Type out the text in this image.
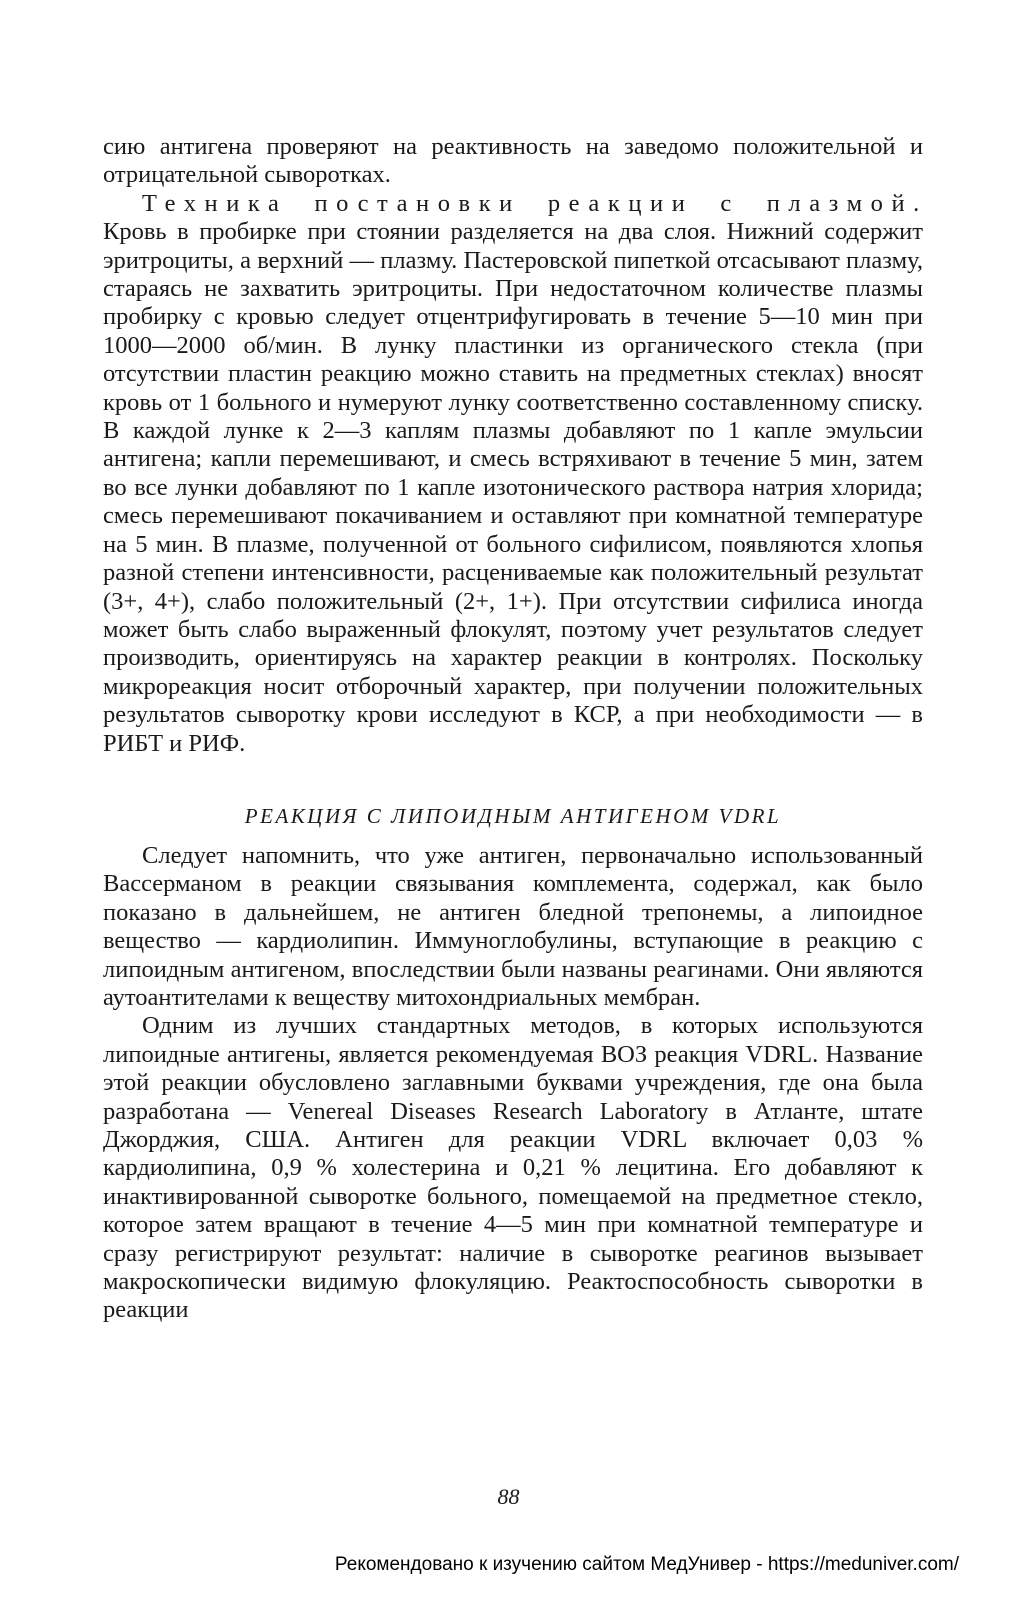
сию антигена проверяют на реактивность на заведомо положительной и отрицательной сыворотках.

Техника постановки реакции с плазмой. Кровь в пробирке при стоянии разделяется на два слоя. Нижний содержит эритроциты, а верхний — плазму. Пастеровской пипеткой отсасывают плазму, стараясь не захватить эритроциты. При недостаточном количестве плазмы пробирку с кровью следует отцентрифугировать в течение 5—10 мин при 1000—2000 об/мин. В лунку пластинки из органического стекла (при отсутствии пластин реакцию можно ставить на предметных стеклах) вносят кровь от 1 больного и нумеруют лунку соответственно составленному списку. В каждой лунке к 2—3 каплям плазмы добавляют по 1 капле эмульсии антигена; капли перемешивают, и смесь встряхивают в течение 5 мин, затем во все лунки добавляют по 1 капле изотонического раствора натрия хлорида; смесь перемешивают покачиванием и оставляют при комнатной температуре на 5 мин. В плазме, полученной от больного сифилисом, появляются хлопья разной степени интенсивности, расцениваемые как положительный результат (3+, 4+), слабо положительный (2+, 1+). При отсутствии сифилиса иногда может быть слабо выраженный флокулят, поэтому учет результатов следует производить, ориентируясь на характер реакции в контролях. Поскольку микрореакция носит отборочный характер, при получении положительных результатов сыворотку крови исследуют в КСР, а при необходимости — в РИБТ и РИФ.

РЕАКЦИЯ С ЛИПОИДНЫМ АНТИГЕНОМ VDRL

Следует напомнить, что уже антиген, первоначально использованный Вассерманом в реакции связывания комплемента, содержал, как было показано в дальнейшем, не антиген бледной трепонемы, а липоидное вещество — кардиолипин. Иммуноглобулины, вступающие в реакцию с липоидным антигеном, впоследствии были названы реагинами. Они являются аутоантителами к веществу митохондриальных мембран.

Одним из лучших стандартных методов, в которых используются липоидные антигены, является рекомендуемая ВОЗ реакция VDRL. Название этой реакции обусловлено заглавными буквами учреждения, где она была разработана — Venereal Diseases Research Laboratory в Атланте, штате Джорджия, США. Антиген для реакции VDRL включает 0,03 % кардиолипина, 0,9 % холестерина и 0,21 % лецитина. Его добавляют к инактивированной сыворотке больного, помещаемой на предметное стекло, которое затем вращают в течение 4—5 мин при комнатной температуре и сразу регистрируют результат: наличие в сыворотке реагинов вызывает макроскопически видимую флокуляцию. Реактоспособность сыворотки в реакции

88
Рекомендовано к изучению сайтом МедУнивер - https://meduniver.com/
